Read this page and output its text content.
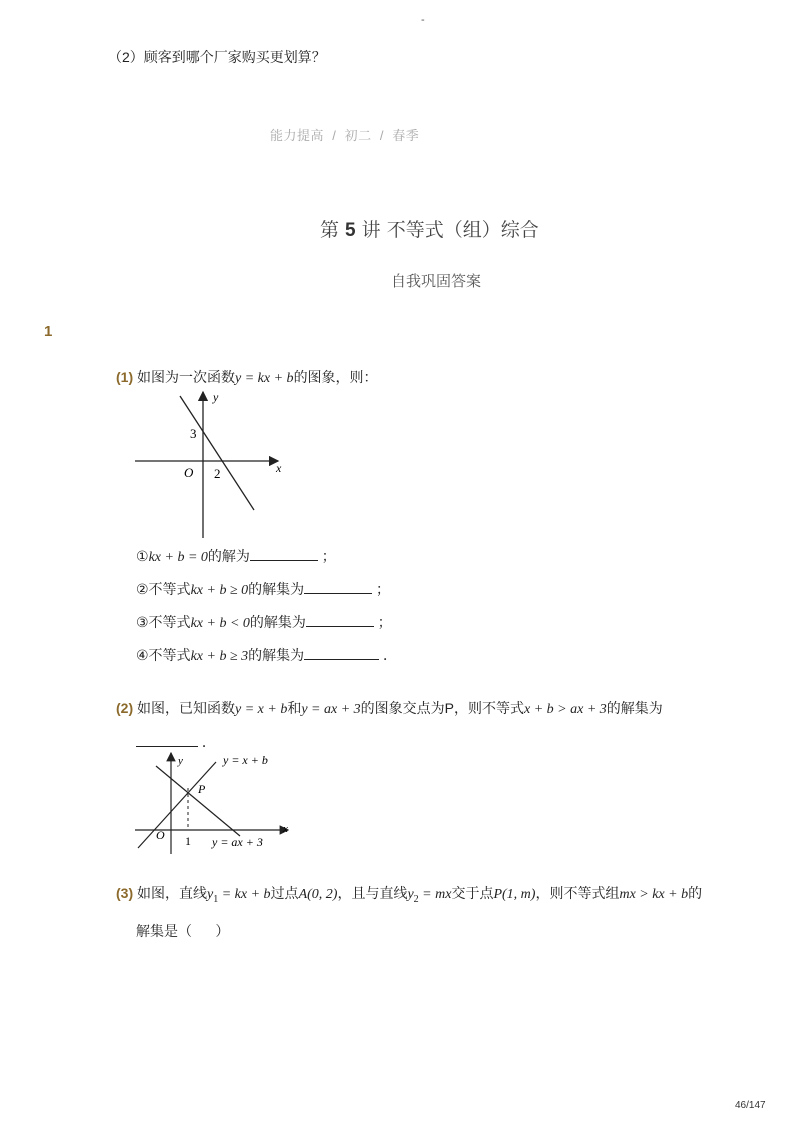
-
（2）顾客到哪个厂家购买更划算？
能力提高 / 初二 / 春季
第 5 讲 不等式（组）综合
自我巩固答案
1
(1) 如图为一次函数y = kx + b的图象，则：
y
x
O
3
2
①kx + b = 0的解为	；
②不等式kx + b ≥ 0的解集为	；
③不等式kx + b < 0的解集为	；
④不等式kx + b ≥ 3的解集为	．
(2) 如图，已知函数y = x + b和y = ax + 3的图象交点为P，则不等式x + b > ax + 3的解集为
．
y
x
O
P
1
y = x + b
y = ax + 3
(3) 如图，直线$y_1$ = kx + b过点A(0, 2)，且与直线$y_2$ = mx交于点P(1, m)，则不等式组mx > kx + b的
解集是（      ）
46/147
